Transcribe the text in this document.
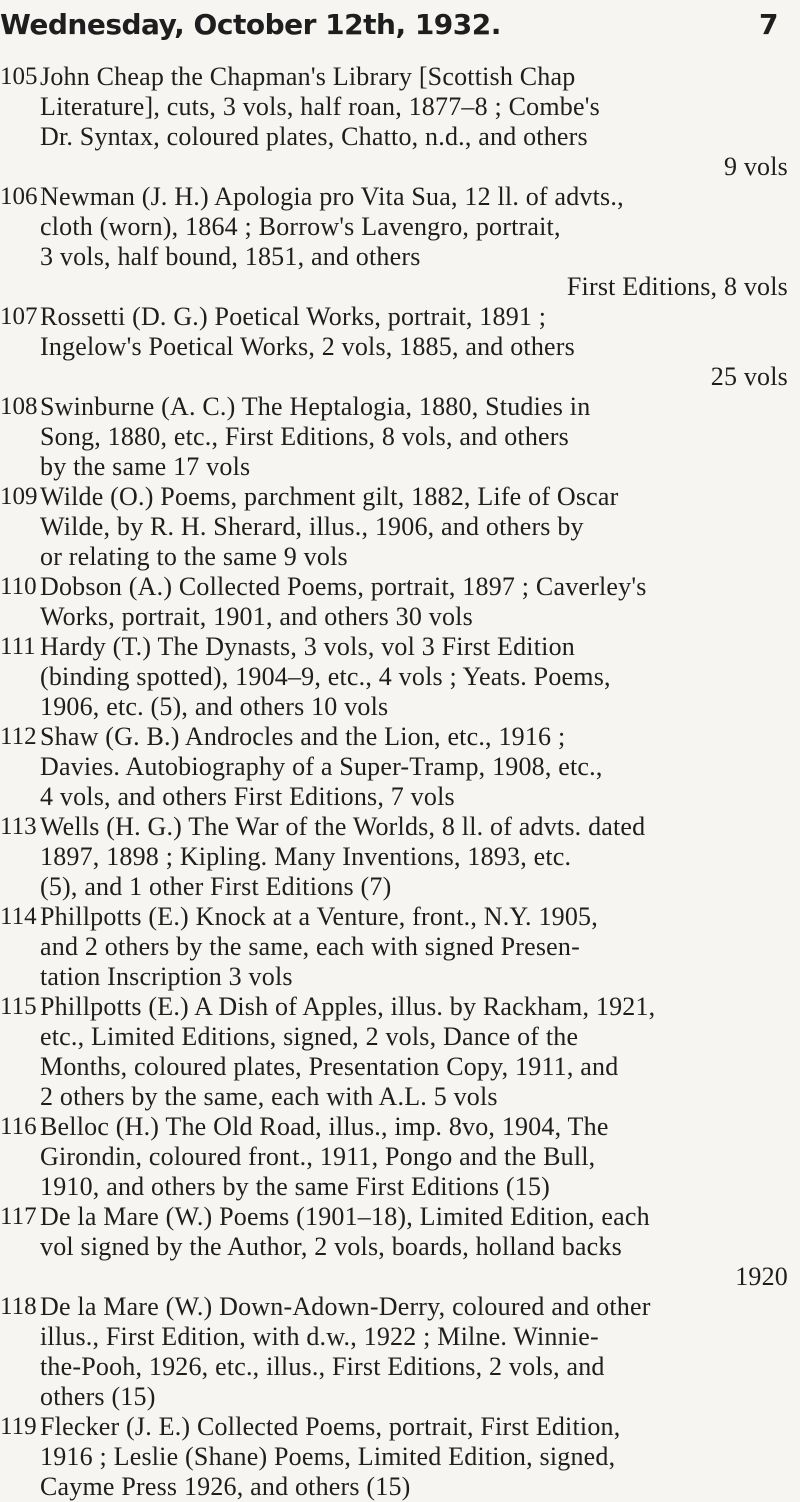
Wednesday, October 12th, 1932.	7
105 John Cheap the Chapman's Library [Scottish Chap
Literature], cuts, 3 vols, half roan, 1877–8 ; Combe's
Dr. Syntax, coloured plates, Chatto, n.d., and others
9 vols
106 Newman (J. H.) Apologia pro Vita Sua, 12 ll. of advts.,
cloth (worn), 1864 ; Borrow's Lavengro, portrait,
3 vols, half bound, 1851, and others
First Editions, 8 vols
107 Rossetti (D. G.) Poetical Works, portrait, 1891 ;
Ingelow's Poetical Works, 2 vols, 1885, and others
25 vols
108 Swinburne (A. C.) The Heptalogia, 1880, Studies in
Song, 1880, etc., First Editions, 8 vols, and others
by the same 17 vols
109 Wilde (O.) Poems, parchment gilt, 1882, Life of Oscar
Wilde, by R. H. Sherard, illus., 1906, and others by
or relating to the same 9 vols
110 Dobson (A.) Collected Poems, portrait, 1897 ; Caverley's
Works, portrait, 1901, and others 30 vols
111 Hardy (T.) The Dynasts, 3 vols, vol 3 First Edition
(binding spotted), 1904–9, etc., 4 vols ; Yeats. Poems,
1906, etc. (5), and others 10 vols
112 Shaw (G. B.) Androcles and the Lion, etc., 1916 ;
Davies. Autobiography of a Super-Tramp, 1908, etc.,
4 vols, and others First Editions, 7 vols
113 Wells (H. G.) The War of the Worlds, 8 ll. of advts. dated
1897, 1898 ; Kipling. Many Inventions, 1893, etc.
(5), and 1 other First Editions (7)
114 Phillpotts (E.) Knock at a Venture, front., N.Y. 1905,
and 2 others by the same, each with signed Presen-
tation Inscription 3 vols
115 Phillpotts (E.) A Dish of Apples, illus. by Rackham, 1921,
etc., Limited Editions, signed, 2 vols, Dance of the
Months, coloured plates, Presentation Copy, 1911, and
2 others by the same, each with A.L. 5 vols
116 Belloc (H.) The Old Road, illus., imp. 8vo, 1904, The
Girondin, coloured front., 1911, Pongo and the Bull,
1910, and others by the same First Editions (15)
117 De la Mare (W.) Poems (1901–18), Limited Edition, each
vol signed by the Author, 2 vols, boards, holland backs
1920
118 De la Mare (W.) Down-Adown-Derry, coloured and other
illus., First Edition, with d.w., 1922 ; Milne. Winnie-
the-Pooh, 1926, etc., illus., First Editions, 2 vols, and
others (15)
119 Flecker (J. E.) Collected Poems, portrait, First Edition,
1916 ; Leslie (Shane) Poems, Limited Edition, signed,
Cayme Press 1926, and others (15)
